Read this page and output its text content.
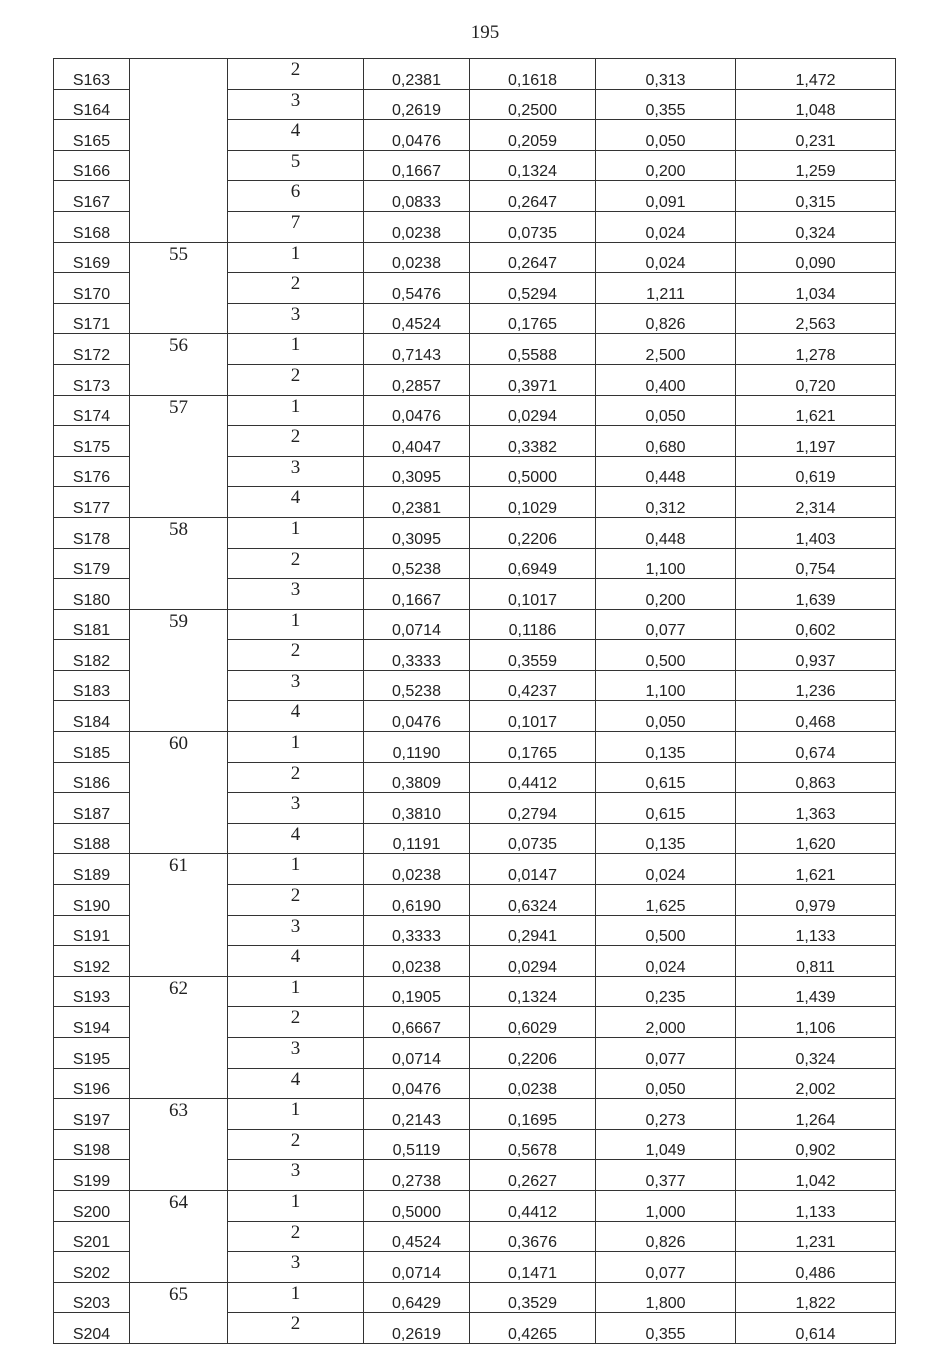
195
S163		2	0,2381	0,1618	0,313	1,472
S164		3	0,2619	0,2500	0,355	1,048
S165		4	0,0476	0,2059	0,050	0,231
S166		5	0,1667	0,1324	0,200	1,259
S167		6	0,0833	0,2647	0,091	0,315
S168		7	0,0238	0,0735	0,024	0,324
S169	55	1	0,0238	0,2647	0,024	0,090
S170		2	0,5476	0,5294	1,211	1,034
S171		3	0,4524	0,1765	0,826	2,563
S172	56	1	0,7143	0,5588	2,500	1,278
S173		2	0,2857	0,3971	0,400	0,720
S174	57	1	0,0476	0,0294	0,050	1,621
S175		2	0,4047	0,3382	0,680	1,197
S176		3	0,3095	0,5000	0,448	0,619
S177		4	0,2381	0,1029	0,312	2,314
S178	58	1	0,3095	0,2206	0,448	1,403
S179		2	0,5238	0,6949	1,100	0,754
S180		3	0,1667	0,1017	0,200	1,639
S181	59	1	0,0714	0,1186	0,077	0,602
S182		2	0,3333	0,3559	0,500	0,937
S183		3	0,5238	0,4237	1,100	1,236
S184		4	0,0476	0,1017	0,050	0,468
S185	60	1	0,1190	0,1765	0,135	0,674
S186		2	0,3809	0,4412	0,615	0,863
S187		3	0,3810	0,2794	0,615	1,363
S188		4	0,1191	0,0735	0,135	1,620
S189	61	1	0,0238	0,0147	0,024	1,621
S190		2	0,6190	0,6324	1,625	0,979
S191		3	0,3333	0,2941	0,500	1,133
S192		4	0,0238	0,0294	0,024	0,811
S193	62	1	0,1905	0,1324	0,235	1,439
S194		2	0,6667	0,6029	2,000	1,106
S195		3	0,0714	0,2206	0,077	0,324
S196		4	0,0476	0,0238	0,050	2,002
S197	63	1	0,2143	0,1695	0,273	1,264
S198		2	0,5119	0,5678	1,049	0,902
S199		3	0,2738	0,2627	0,377	1,042
S200	64	1	0,5000	0,4412	1,000	1,133
S201		2	0,4524	0,3676	0,826	1,231
S202		3	0,0714	0,1471	0,077	0,486
S203	65	1	0,6429	0,3529	1,800	1,822
S204		2	0,2619	0,4265	0,355	0,614
